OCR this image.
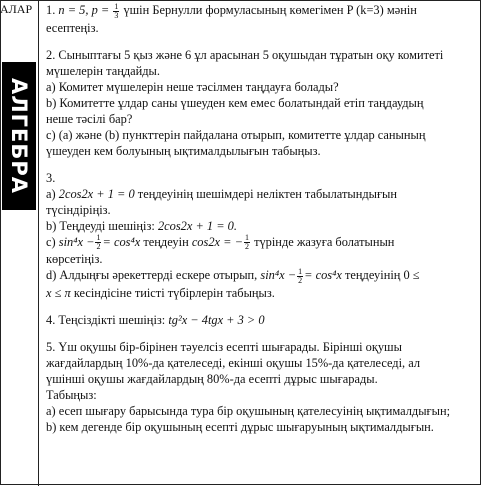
АЛАР
АЛГЕБРА

1. n = 5, $p = \frac{1}{3}$ үшін Бернулли формуласының көмегімен P (k=3) мәнін

есептеңіз.

2. Сыныптағы 5 қыз және 6 ұл арасынан 5 оқушыдан тұратын оқу комитеті

мүшелерін таңдайды.

а) Комитет мүшелерін неше тәсілмен таңдауға болады?

b) Комитетте ұлдар саны үшеуден кем емес болатындай етіп таңдаудың

неше тәсілі бар?

c) (a) және (b) пункттерін пайдалана отырып, комитетте ұлдар санының

үшеуден кем болуының ықтималдылығын табыңыз.

3.

a) 2cos2x + 1 = 0 теңдеуінің шешімдері неліктен табылатындығын

түсіндіріңіз.

b) Теңдеуді шешіңіз: 2cos2x + 1 = 0.

c) $\sin^4x - \frac{1}{2} = \cos^4x$ теңдеуін cos2x = − $\frac{1}{2}$ түріндe жазуға болатынын

көрсетіңіз.

d) Алдыңғы әрекеттерді ескере отырып, $\sin^4x - \frac{1}{2} = \cos^4x$ теңдеуінің 0 ≤

x ≤ π кесіндісіне тиісті түбірлерін табыңыз.

4. Теңсіздікті шешіңіз: tg²x − 4tgx + 3 > 0

5. Үш оқушы бір-бірінен тәуелсіз есепті шығарады. Бірінші оқушы

жағдайлардың 10%-да қателеседі, екінші оқушы 15%-да қателеседі, ал

үшінші оқушы жағдайлардың 80%-да есепті дұрыс шығарады.

Табыңыз:

а) есеп шығару барысында тура бір оқушының қателесуінің ықтималдығын;

b) кем дегенде бір оқушының есепті дұрыс шығаруының ықтималдығын.
